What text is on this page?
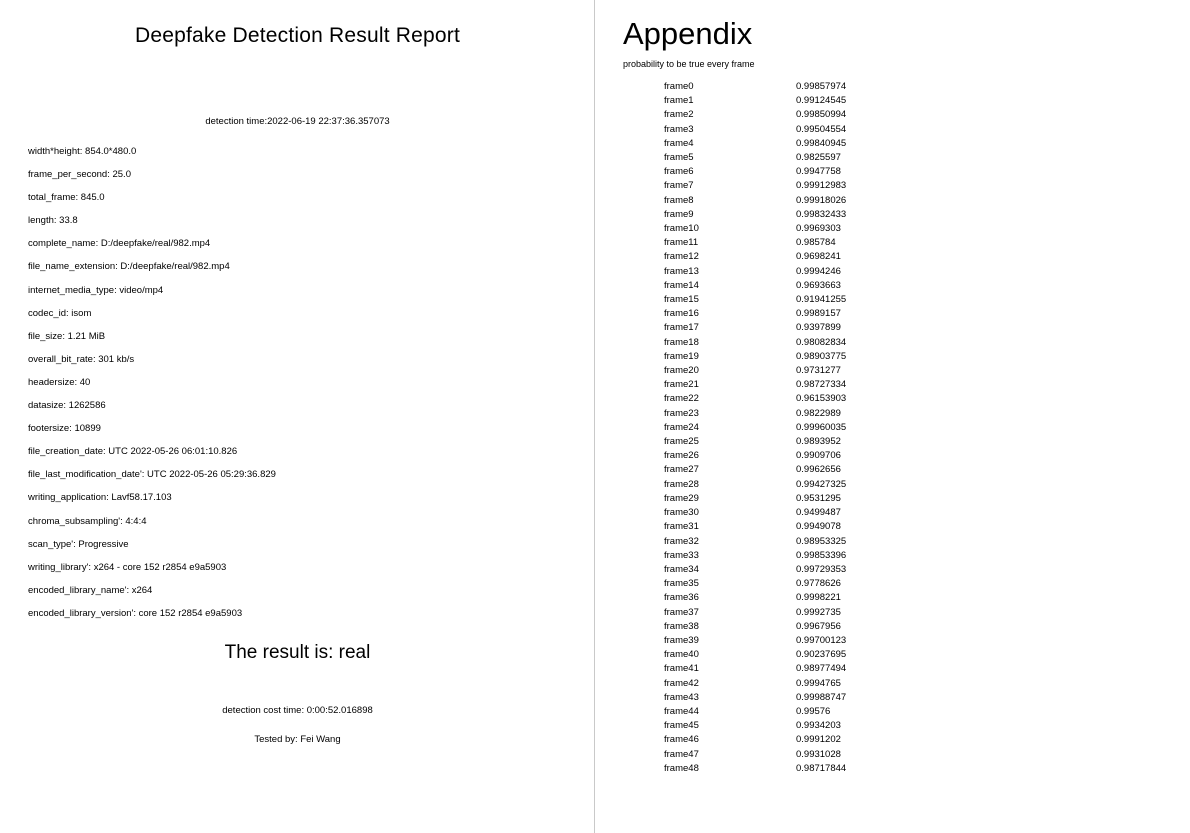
Deepfake Detection Result Report
detection time:2022-06-19 22:37:36.357073
width*height: 854.0*480.0
frame_per_second: 25.0
total_frame: 845.0
length: 33.8
complete_name: D:/deepfake/real/982.mp4
file_name_extension: D:/deepfake/real/982.mp4
internet_media_type: video/mp4
codec_id: isom
file_size: 1.21 MiB
overall_bit_rate: 301 kb/s
headersize: 40
datasize: 1262586
footersize: 10899
file_creation_date: UTC 2022-05-26 06:01:10.826
file_last_modification_date': UTC 2022-05-26 05:29:36.829
writing_application: Lavf58.17.103
chroma_subsampling': 4:4:4
scan_type': Progressive
writing_library': x264 - core 152 r2854 e9a5903
encoded_library_name': x264
encoded_library_version': core 152 r2854 e9a5903
The result is: real
detection cost time: 0:00:52.016898
Tested by: Fei Wang
Appendix
probability to be true every frame
frame0	0.99857974
frame1	0.99124545
frame2	0.99850994
frame3	0.99504554
frame4	0.99840945
frame5	0.9825597
frame6	0.9947758
frame7	0.99912983
frame8	0.99918026
frame9	0.99832433
frame10	0.9969303
frame11	0.985784
frame12	0.9698241
frame13	0.9994246
frame14	0.9693663
frame15	0.91941255
frame16	0.9989157
frame17	0.9397899
frame18	0.98082834
frame19	0.98903775
frame20	0.9731277
frame21	0.98727334
frame22	0.96153903
frame23	0.9822989
frame24	0.99960035
frame25	0.9893952
frame26	0.9909706
frame27	0.9962656
frame28	0.99427325
frame29	0.9531295
frame30	0.9499487
frame31	0.9949078
frame32	0.98953325
frame33	0.99853396
frame34	0.99729353
frame35	0.9778626
frame36	0.9998221
frame37	0.9992735
frame38	0.9967956
frame39	0.99700123
frame40	0.90237695
frame41	0.98977494
frame42	0.9994765
frame43	0.99988747
frame44	0.99576
frame45	0.9934203
frame46	0.9991202
frame47	0.9931028
frame48	0.98717844
